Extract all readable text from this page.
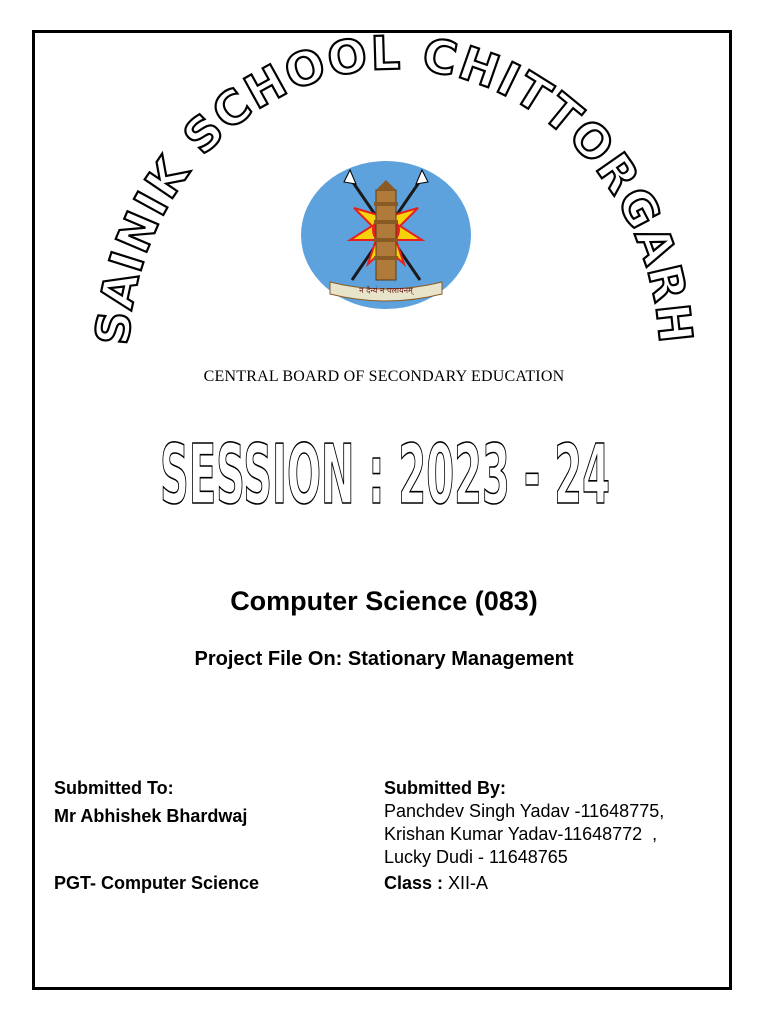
SAINIK SCHOOL CHITTORGARH
न दैन्यं न पलायनम्
CENTRAL BOARD OF SECONDARY EDUCATION
SESSION : 2023 - 24
Computer Science (083)
Project File On: Stationary Management
Submitted To:
Mr Abhishek Bhardwaj
PGT- Computer Science
Submitted By:
Panchdev Singh Yadav -11648775,
Krishan Kumar Yadav-11648772  ,
Lucky Dudi - 11648765
Class : XII-A
